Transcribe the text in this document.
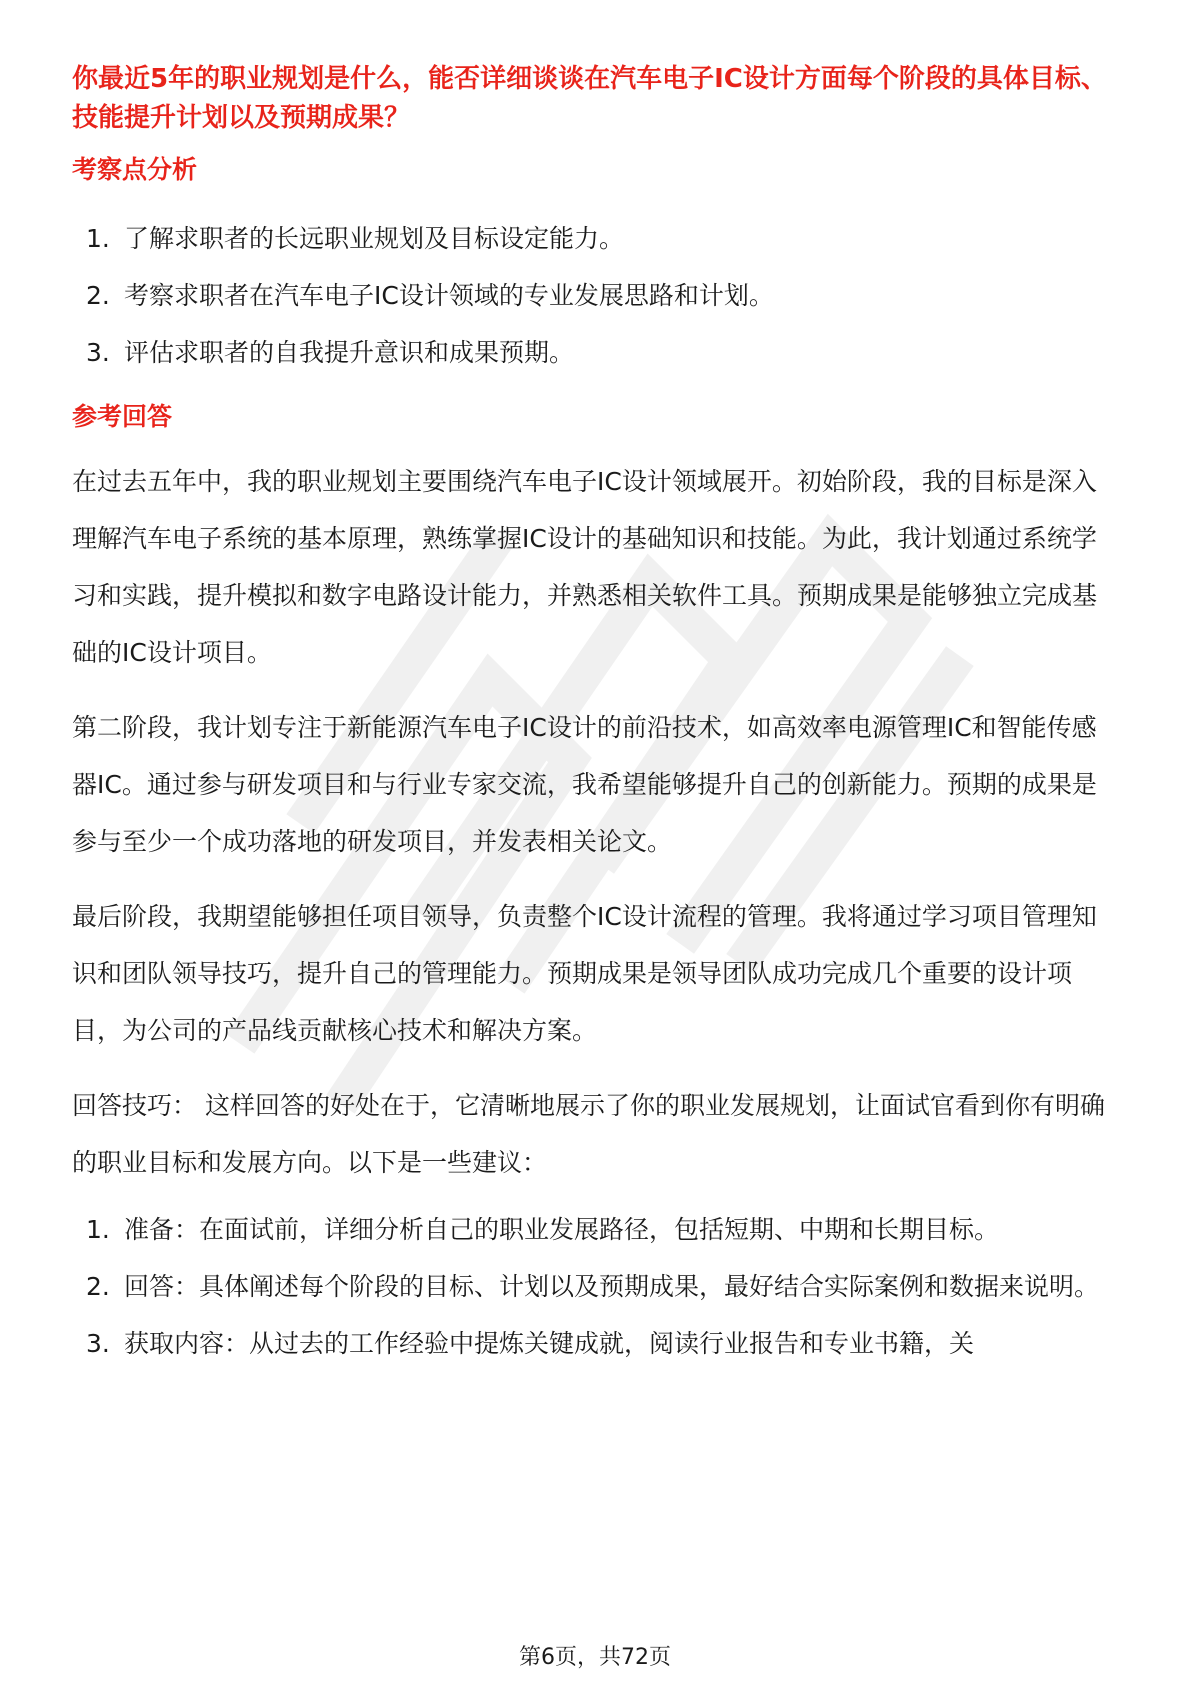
你最近5年的职业规划是什么，能否详细谈谈在汽车电子IC设计方面每个阶段的具体目标、技能提升计划以及预期成果？

考察点分析
1. 了解求职者的长远职业规划及目标设定能力。
2. 考察求职者在汽车电子IC设计领域的专业发展思路和计划。
3. 评估求职者的自我提升意识和成果预期。
参考回答

在过去五年中，我的职业规划主要围绕汽车电子IC设计领域展开。初始阶段，我的目标是深入理解汽车电子系统的基本原理，熟练掌握IC设计的基础知识和技能。为此，我计划通过系统学习和实践，提升模拟和数字电路设计能力，并熟悉相关软件工具。预期成果是能够独立完成基础的IC设计项目。

第二阶段，我计划专注于新能源汽车电子IC设计的前沿技术，如高效率电源管理IC和智能传感器IC。通过参与研发项目和与行业专家交流，我希望能够提升自己的创新能力。预期的成果是参与至少一个成功落地的研发项目，并发表相关论文。

最后阶段，我期望能够担任项目领导，负责整个IC设计流程的管理。我将通过学习项目管理知识和团队领导技巧，提升自己的管理能力。预期成果是领导团队成功完成几个重要的设计项目，为公司的产品线贡献核心技术和解决方案。

回答技巧： 这样回答的好处在于，它清晰地展示了你的职业发展规划，让面试官看到你有明确的职业目标和发展方向。以下是一些建议：

1. 准备：在面试前，详细分析自己的职业发展路径，包括短期、中期和长期目标。
2. 回答：具体阐述每个阶段的目标、计划以及预期成果，最好结合实际案例和数据来说明。
3. 获取内容：从过去的工作经验中提炼关键成就，阅读行业报告和专业书籍，关
第6页，共72页
